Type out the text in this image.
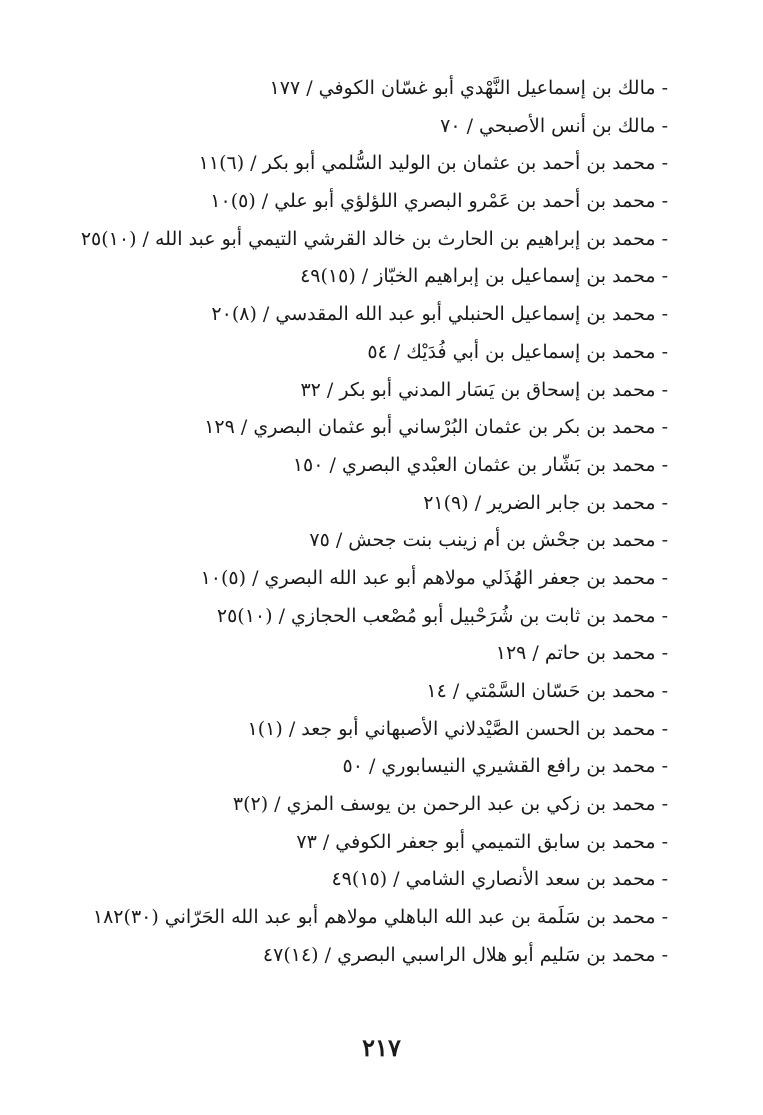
- مالك بن إسماعيل النَّهْدي أبو غسّان الكوفي / ١٧٧
- مالك بن أنس الأصبحي / ٧٠
- محمد بن أحمد بن عثمان بن الوليد السُّلمي أبو بكر / (٦)١١
- محمد بن أحمد بن عَمْرو البصري اللؤلؤي أبو علي / (٥)١٠
- محمد بن إبراهيم بن الحارث بن خالد القرشي التيمي أبو عبد الله / (١٠)٢٥
- محمد بن إسماعيل بن إبراهيم الخبّاز / (١٥)٤٩
- محمد بن إسماعيل الحنبلي أبو عبد الله المقدسي / (٨)٢٠
- محمد بن إسماعيل بن أبي فُدَيْك / ٥٤
- محمد بن إسحاق بن يَسَار المدني أبو بكر / ٣٢
- محمد بن بكر بن عثمان البُرْساني أبو عثمان البصري / ١٢٩
- محمد بن بَشّار بن عثمان العبْدي البصري / ١٥٠
- محمد بن جابر الضرير / (٩)٢١
- محمد بن جحْش بن أم زينب بنت جحش / ٧٥
- محمد بن جعفر الهُذَلي مولاهم أبو عبد الله البصري / (٥)١٠
- محمد بن ثابت بن شُرَحْبيل أبو مُصْعب الحجازي / (١٠)٢٥
- محمد بن حاتم / ١٢٩
- محمد بن حَسّان السَّمْتي / ١٤
- محمد بن الحسن الصَّيْدلاني الأصبهاني أبو جعد / (١)١
- محمد بن رافع القشيري النيسابوري / ٥٠
- محمد بن زكي بن عبد الرحمن بن يوسف المزي / (٢)٣
- محمد بن سابق التميمي أبو جعفر الكوفي / ٧٣
- محمد بن سعد الأنصاري الشامي / (١٥)٤٩
- محمد بن سَلَمة بن عبد الله الباهلي مولاهم أبو عبد الله الحَرّاني (٣٠)١٨٢
- محمد بن سَليم أبو هلال الراسبي البصري / (١٤)٤٧
٢١٧
